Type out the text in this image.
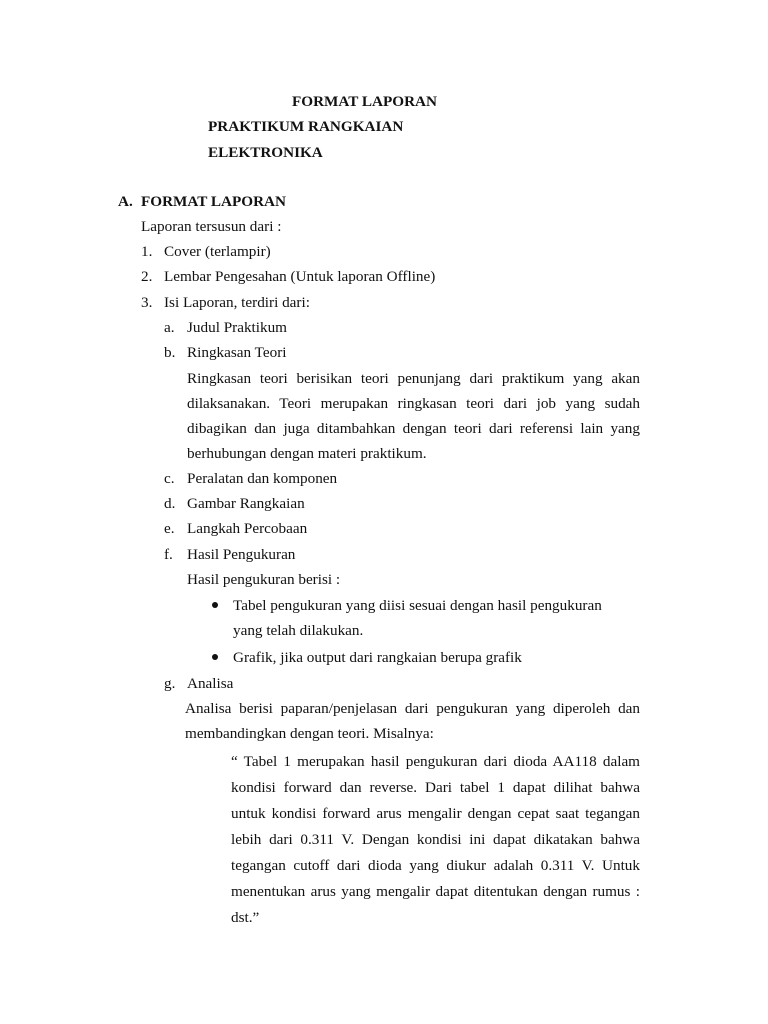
FORMAT LAPORAN
PRAKTIKUM RANGKAIAN
ELEKTRONIKA
A. FORMAT LAPORAN
Laporan tersusun dari :
1. Cover (terlampir)
2. Lembar Pengesahan (Untuk laporan Offline)
3. Isi Laporan, terdiri dari:
a. Judul Praktikum
b. Ringkasan Teori
Ringkasan teori berisikan teori penunjang dari praktikum yang akan
dilaksanakan. Teori merupakan ringkasan teori dari job yang sudah
dibagikan dan juga ditambahkan dengan teori dari referensi lain yang
berhubungan dengan materi praktikum.
c. Peralatan dan komponen
d. Gambar Rangkaian
e. Langkah Percobaan
f. Hasil Pengukuran
Hasil pengukuran berisi :
Tabel pengukuran yang diisi sesuai dengan hasil pengukuran
yang telah dilakukan.
Grafik, jika output dari rangkaian berupa grafik
g. Analisa
Analisa berisi paparan/penjelasan dari pengukuran yang diperoleh dan
membandingkan dengan teori. Misalnya:
“ Tabel 1 merupakan hasil pengukuran dari dioda AA118 dalam
kondisi forward dan reverse. Dari tabel 1 dapat dilihat bahwa
untuk kondisi forward arus mengalir dengan cepat saat tegangan
lebih dari 0.311 V. Dengan kondisi ini dapat dikatakan bahwa
tegangan cutoff dari dioda yang diukur adalah 0.311 V. Untuk
menentukan arus yang mengalir dapat ditentukan dengan rumus :
dst.”
